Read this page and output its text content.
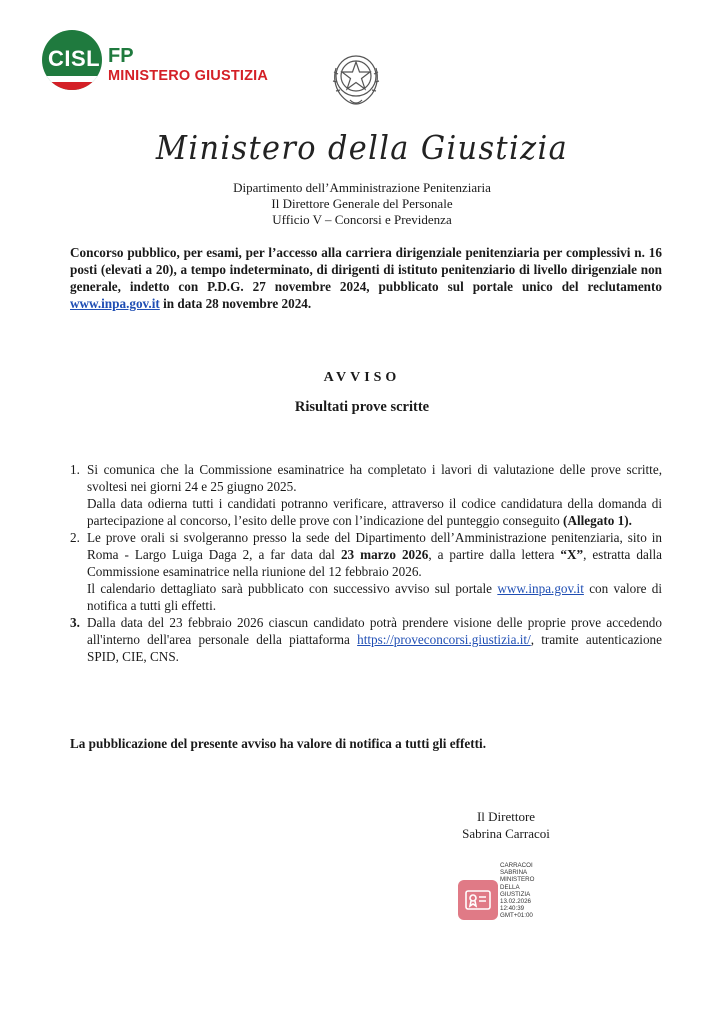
CISL FP
MINISTERO GIUSTIZIA
Ministero della Giustizia
Dipartimento dell’Amministrazione Penitenziaria
Il Direttore Generale del Personale
Ufficio V – Concorsi e Previdenza
Concorso pubblico, per esami, per l’accesso alla carriera dirigenziale penitenziaria per complessivi n. 16 posti (elevati a 20), a tempo indeterminato, di dirigenti di istituto penitenziario di livello dirigenziale non generale, indetto con P.D.G. 27 novembre 2024, pubblicato sul portale unico del reclutamento www.inpa.gov.it in data 28 novembre 2024.
AVVISO
Risultati prove scritte
1. Si comunica che la Commissione esaminatrice ha completato i lavori di valutazione delle prove scritte, svoltesi nei giorni 24 e 25 giugno 2025.

Dalla data odierna tutti i candidati potranno verificare, attraverso il codice candidatura della domanda di partecipazione al concorso, l’esito delle prove con l’indicazione del punteggio conseguito (Allegato 1).

2. Le prove orali si svolgeranno presso la sede del Dipartimento dell’Amministrazione penitenziaria, sito in Roma - Largo Luiga Daga 2, a far data dal 23 marzo 2026, a partire dalla lettera “X”, estratta dalla Commissione esaminatrice nella riunione del 12 febbraio 2026.

Il calendario dettagliato sarà pubblicato con successivo avviso sul portale www.inpa.gov.it con valore di notifica a tutti gli effetti.

3. Dalla data del 23 febbraio 2026 ciascun candidato potrà prendere visione delle proprie prove accedendo all'interno dell'area personale della piattaforma https://proveconcorsi.giustizia.it/, tramite autenticazione SPID, CIE, CNS.

La pubblicazione del presente avviso ha valore di notifica a tutti gli effetti.
Il Direttore
Sabrina Carracoi
CARRACOI
SABRINA
MINISTERO
DELLA
GIUSTIZIA
13.02.2026
12:40:39
GMT+01:00
